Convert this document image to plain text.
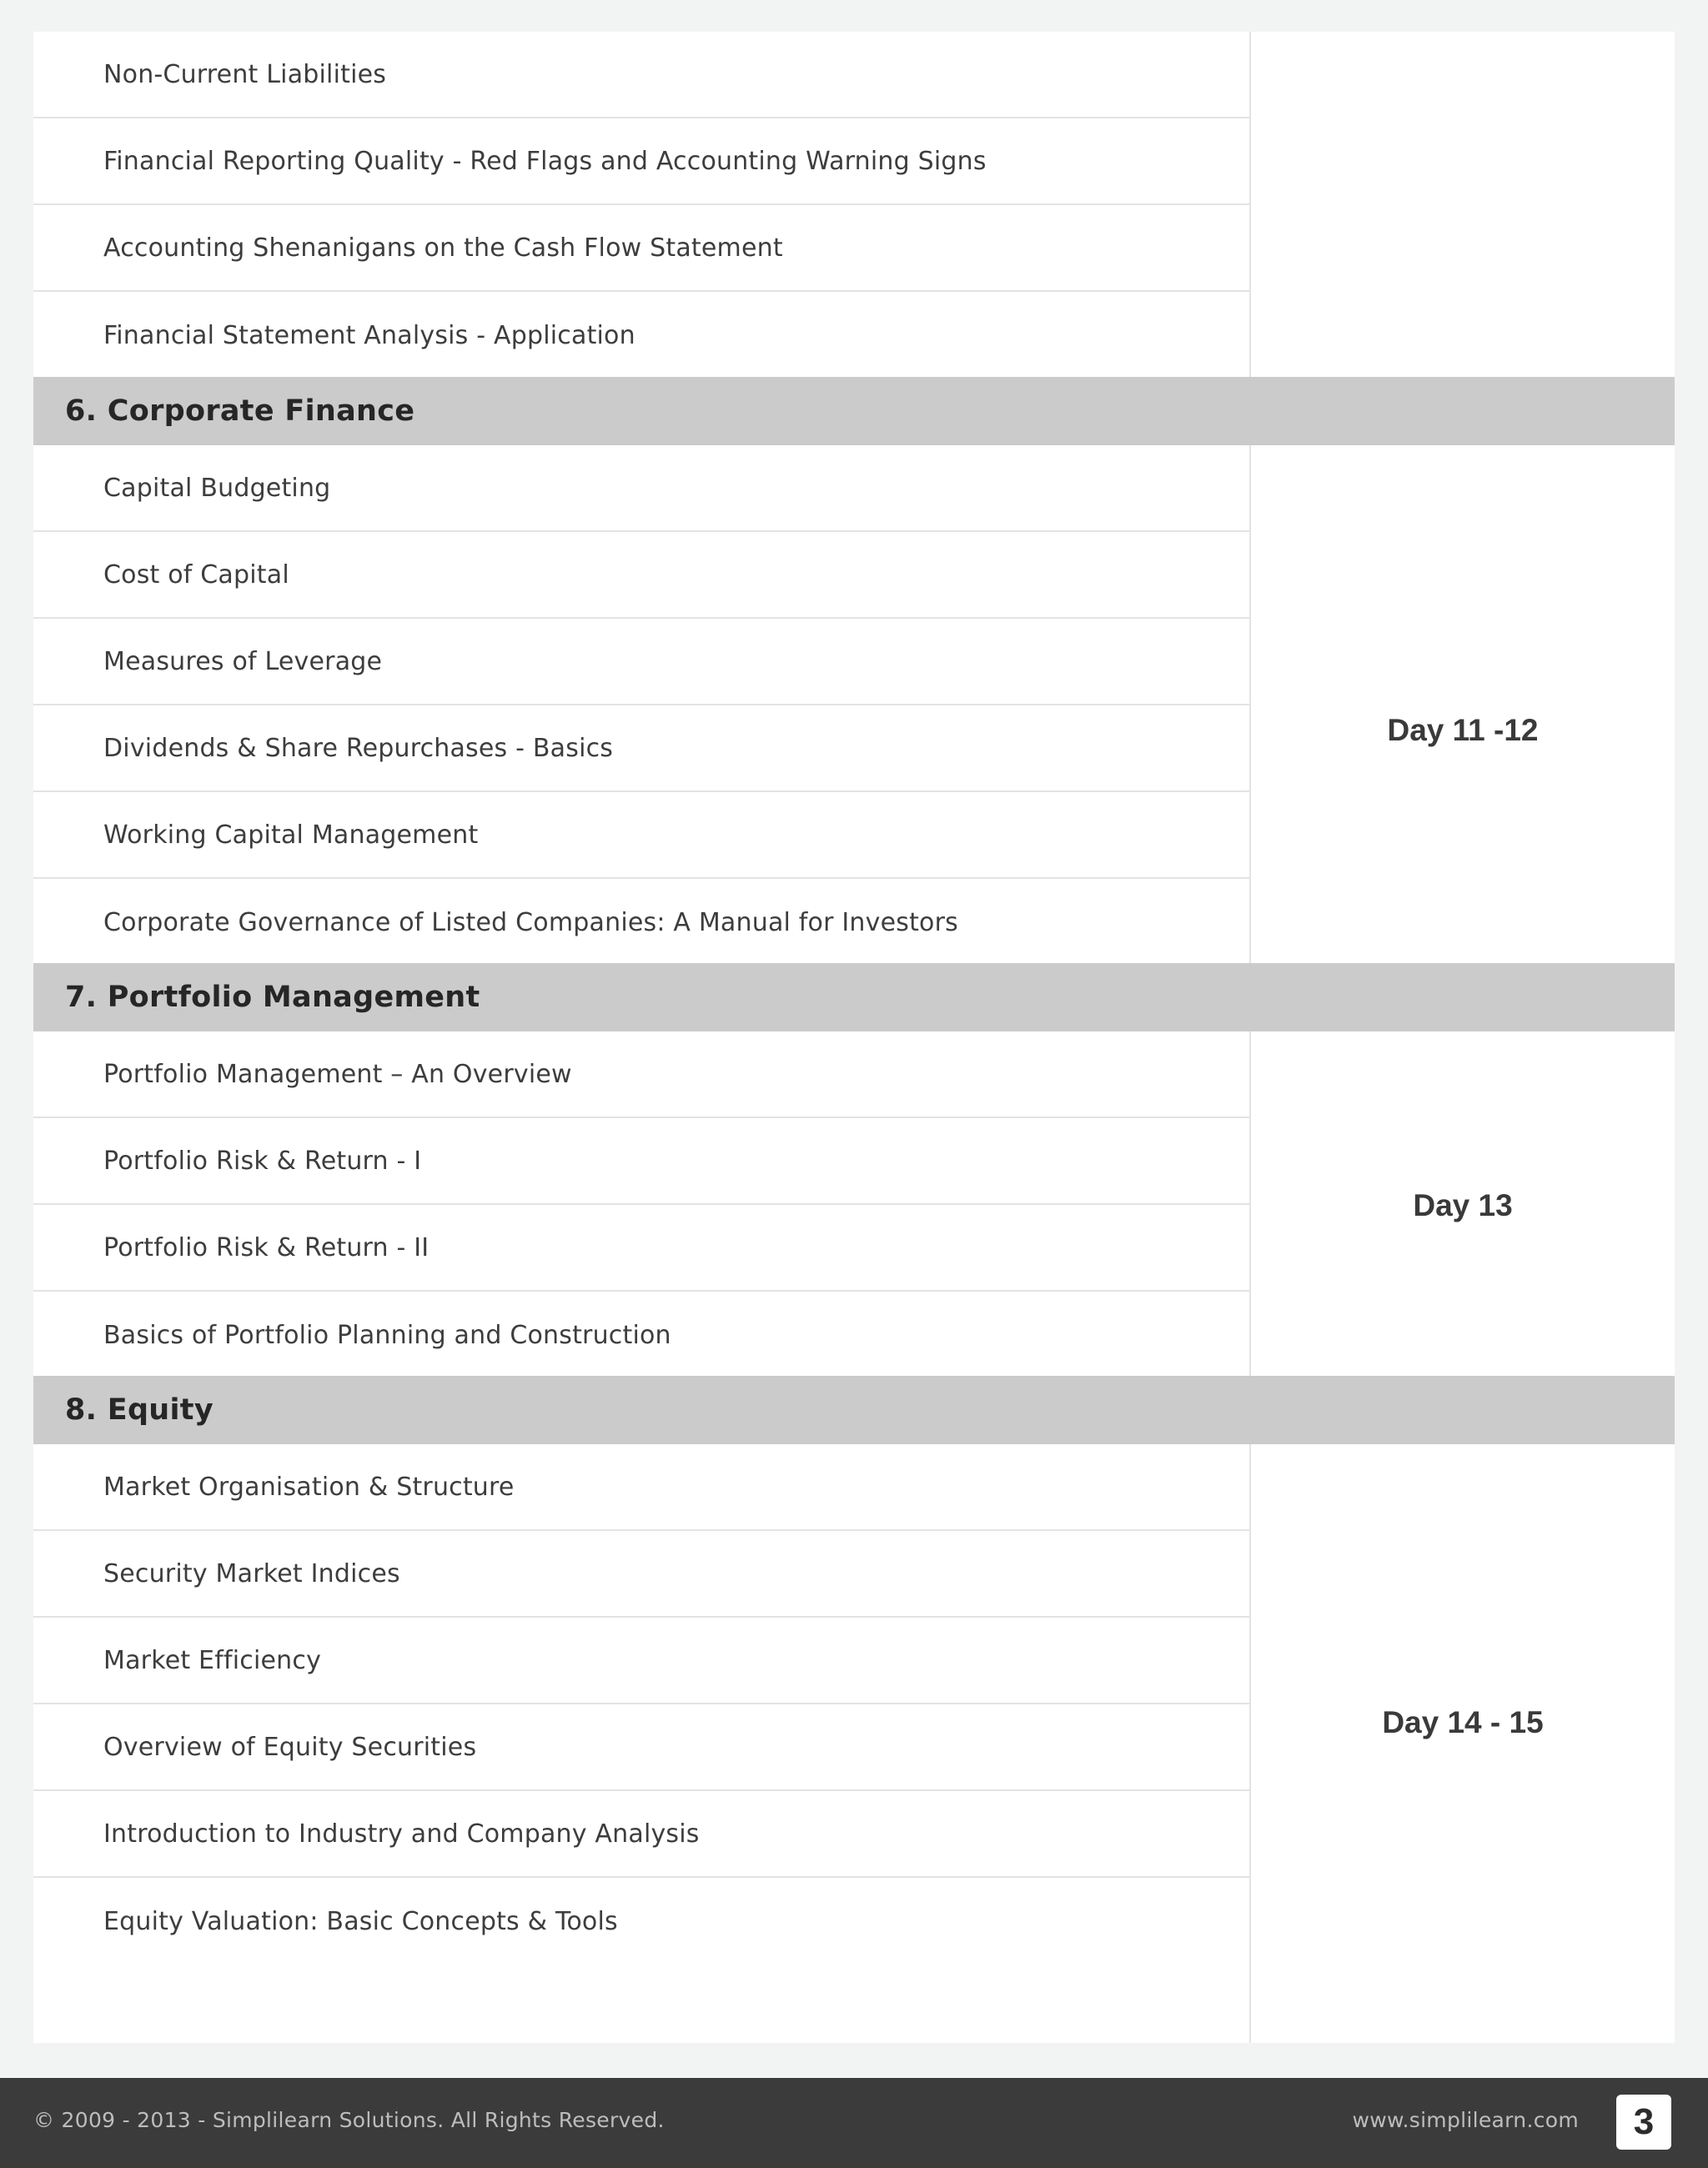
Non-Current Liabilities
Financial Reporting Quality - Red Flags and Accounting Warning Signs
Accounting Shenanigans on the Cash Flow Statement
Financial Statement Analysis - Application
6. Corporate Finance
Capital Budgeting
Cost of Capital
Measures of Leverage
Dividends & Share Repurchases - Basics
Working Capital Management
Corporate Governance of Listed Companies: A Manual for Investors
Day 11 -12
7. Portfolio Management
Portfolio Management – An Overview
Portfolio Risk & Return - I
Portfolio Risk & Return - II
Basics of Portfolio Planning and Construction
Day 13
8. Equity
Market Organisation & Structure
Security Market Indices
Market Efficiency
Overview of Equity Securities
Introduction to Industry and Company Analysis
Equity Valuation: Basic Concepts & Tools
Day 14 - 15
© 2009 - 2013 - Simplilearn Solutions. All Rights Reserved.	www.simplilearn.com	3
